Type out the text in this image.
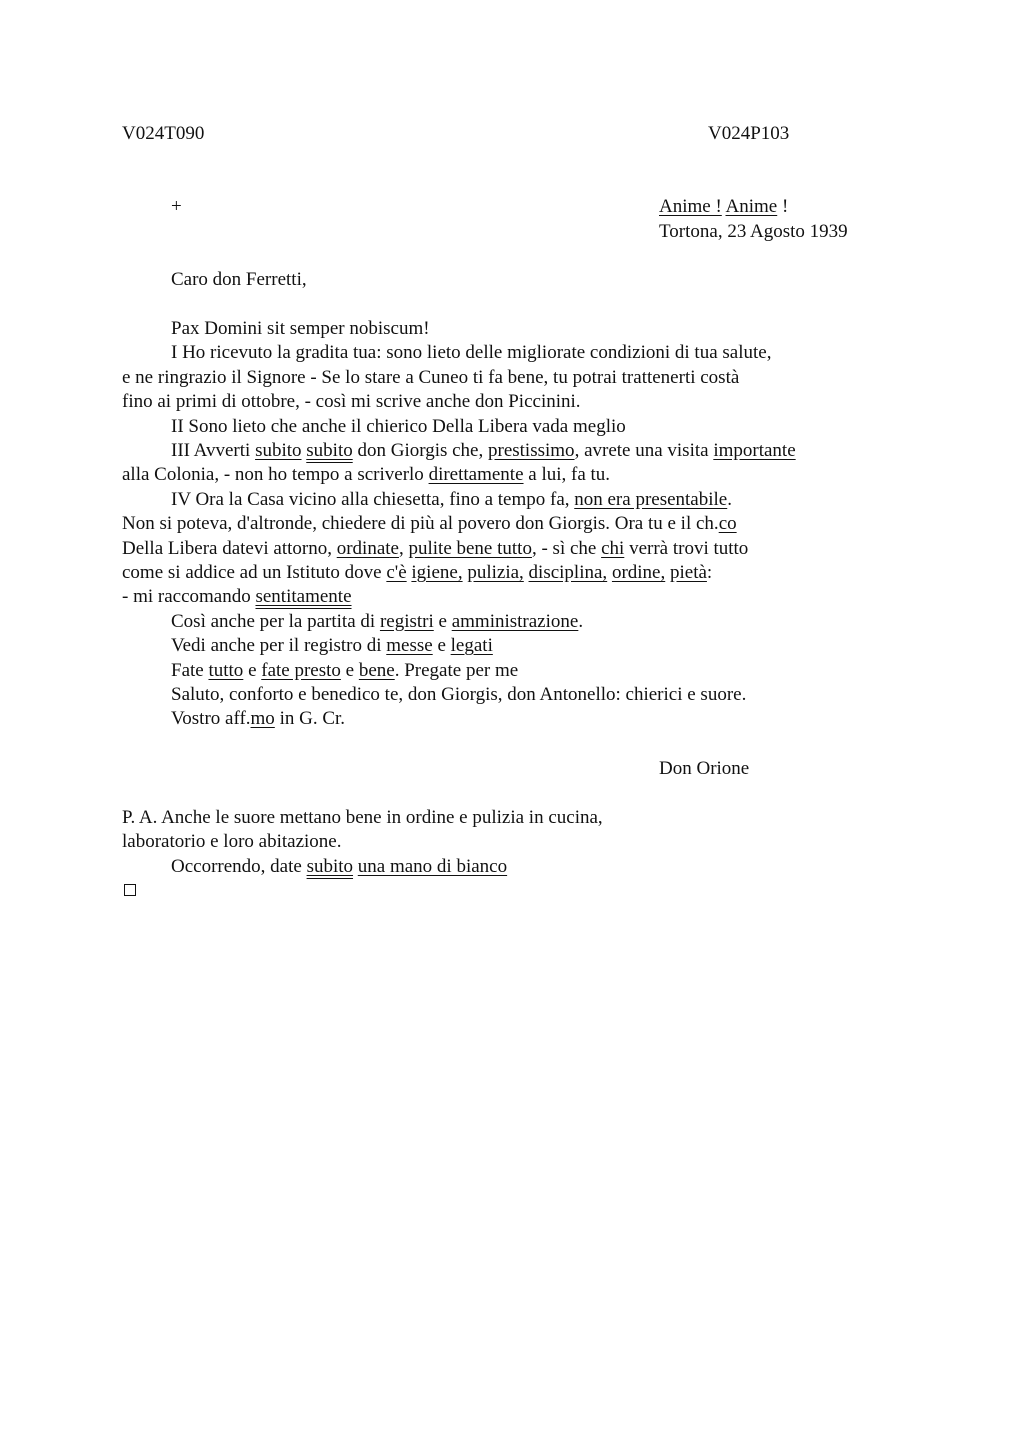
V024T090	V024P103
+	Anime ! Anime !
Tortona, 23 Agosto 1939
Caro don Ferretti,
Pax Domini sit semper nobiscum!
I Ho ricevuto la gradita tua: sono lieto delle migliorate condizioni di tua salute,
e ne ringrazio il Signore - Se lo stare a Cuneo ti fa bene, tu potrai trattenerti costà
fino ai primi di ottobre, - così mi scrive anche don Piccinini.
II Sono lieto che anche il chierico Della Libera vada meglio
III Avverti subito subito don Giorgis che, prestissimo, avrete una visita importante
alla Colonia, - non ho tempo a scriverlo direttamente a lui, fa tu.
IV Ora la Casa vicino alla chiesetta, fino a tempo fa, non era presentabile.
Non si poteva, d'altronde, chiedere di più al povero don Giorgis. Ora tu e il ch.co
Della Libera datevi attorno, ordinate, pulite bene tutto, - sì che chi verrà trovi tutto
come si addice ad un Istituto dove c'è igiene, pulizia, disciplina, ordine, pietà:
- mi raccomando sentitamente
Così anche per la partita di registri e amministrazione.
Vedi anche per il registro di messe e legati
Fate tutto e fate presto e bene. Pregate per me
Saluto, conforto e benedico te, don Giorgis, don Antonello: chierici e suore.
Vostro aff.mo in G. Cr.
Don Orione
P. A. Anche le suore mettano bene in ordine e pulizia in cucina,
laboratorio e loro abitazione.
Occorrendo, date subito una mano di bianco
